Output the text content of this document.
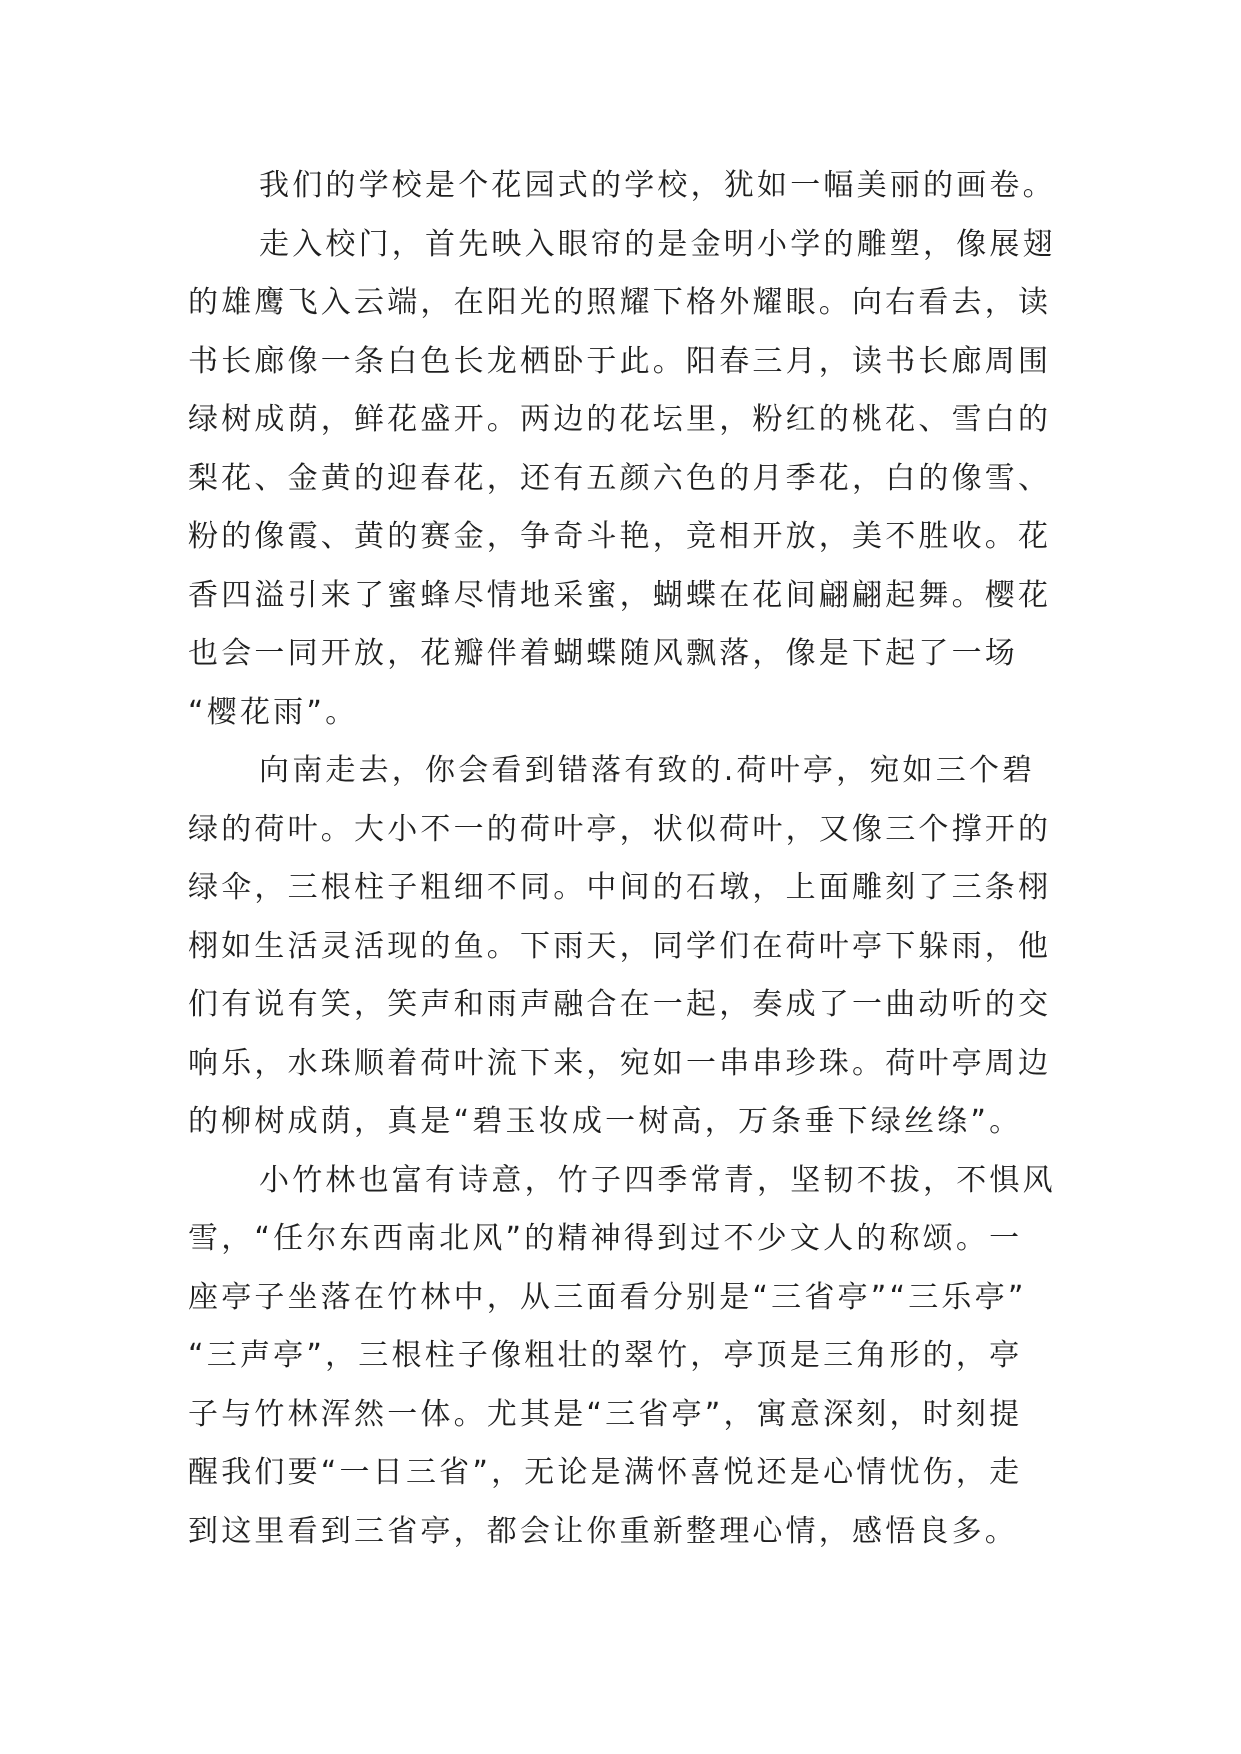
我们的学校是个花园式的学校，犹如一幅美丽的画卷。
走入校门，首先映入眼帘的是金明小学的雕塑，像展翅
的雄鹰飞入云端，在阳光的照耀下格外耀眼。向右看去，读
书长廊像一条白色长龙栖卧于此。阳春三月，读书长廊周围
绿树成荫，鲜花盛开。两边的花坛里，粉红的桃花、雪白的
梨花、金黄的迎春花，还有五颜六色的月季花，白的像雪、
粉的像霞、黄的赛金，争奇斗艳，竞相开放，美不胜收。花
香四溢引来了蜜蜂尽情地采蜜，蝴蝶在花间翩翩起舞。樱花
也会一同开放，花瓣伴着蝴蝶随风飘落，像是下起了一场
“樱花雨”。
向南走去，你会看到错落有致的.荷叶亭，宛如三个碧
绿的荷叶。大小不一的荷叶亭，状似荷叶，又像三个撑开的
绿伞，三根柱子粗细不同。中间的石墩，上面雕刻了三条栩
栩如生活灵活现的鱼。下雨天，同学们在荷叶亭下躲雨，他
们有说有笑，笑声和雨声融合在一起，奏成了一曲动听的交
响乐，水珠顺着荷叶流下来，宛如一串串珍珠。荷叶亭周边
的柳树成荫，真是“碧玉妆成一树高，万条垂下绿丝绦”。
小竹林也富有诗意，竹子四季常青，坚韧不拔，不惧风
雪，“任尔东西南北风”的精神得到过不少文人的称颂。一
座亭子坐落在竹林中，从三面看分别是“三省亭”“三乐亭”
“三声亭”，三根柱子像粗壮的翠竹，亭顶是三角形的，亭
子与竹林浑然一体。尤其是“三省亭”，寓意深刻，时刻提
醒我们要“一日三省”，无论是满怀喜悦还是心情忧伤，走
到这里看到三省亭，都会让你重新整理心情，感悟良多。
